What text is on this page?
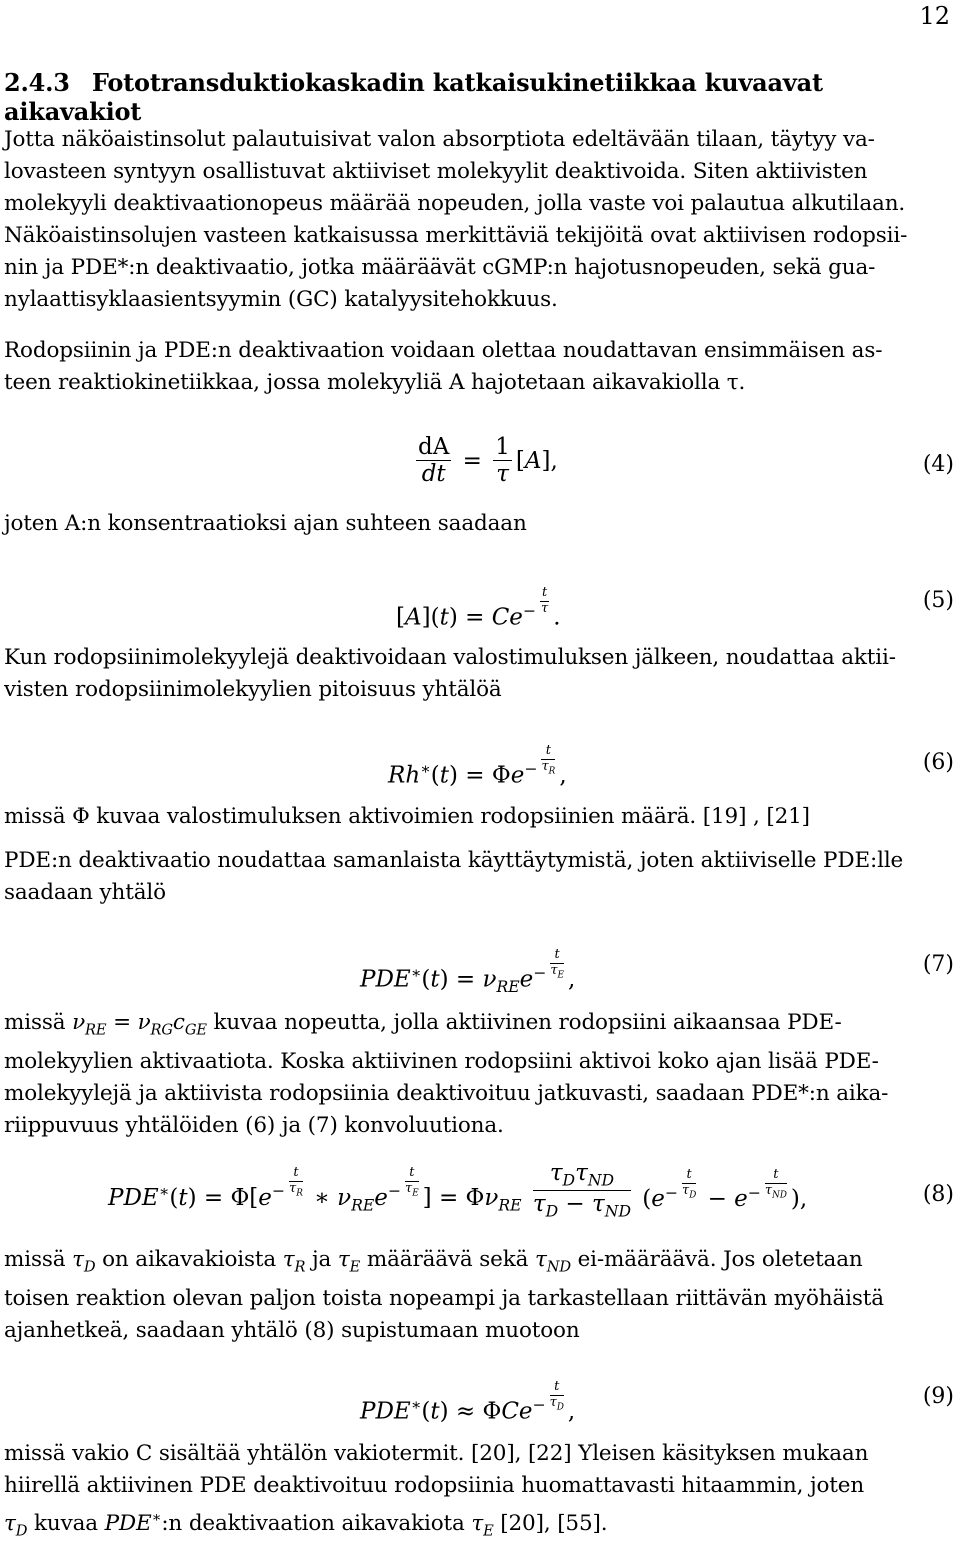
12
2.4.3 Fototransduktiokaskadin katkaisukinetiikkaa kuvaavat aikavakiot
Jotta näköaistinsolut palautuisivat valon absorptiota edeltävään tilaan, täytyy va-
lovasteen syntyyn osallistuvat aktiiviset molekyylit deaktivoida. Siten aktiivisten
molekyyli deaktivaationopeus määrää nopeuden, jolla vaste voi palautua alkutilaan.
Näköaistinsolujen vasteen katkaisussa merkittäviä tekijöitä ovat aktiivisen rodopsii-
nin ja PDE*:n deaktivaatio, jotka määräävät cGMP:n hajotusnopeuden, sekä gua-
nylaattisyklaasientsyymin (GC) katalyysitehokkuus.
Rodopsiinin ja PDE:n deaktivaation voidaan olettaa noudattavan ensimmäisen as-
teen reaktiokinetiikkaa, jossa molekyyliä A hajotetaan aikavakiolla τ.
$\frac{dA}{dt} = \frac{1}{\tau} [A]$,	(4)
joten A:n konsentraatioksi ajan suhteen saadaan
$[A](t) = Ce^{- \frac{t}{\tau}}$
.
(5)
Kun rodopsiinimolekyylejä deaktivoidaan valostimuluksen jälkeen, noudattaa aktii-
visten rodopsiinimolekyylien pitoisuus yhtälöä
$Rh^∗(t) = \Phi e^{- \frac{t}{\tau_R}}$ ,
(6)
missä Φ kuvaa valostimuluksen aktivoimien rodopsiinien määrä. [19] , [21]
PDE:n deaktivaatio noudattaa samanlaista käyttäytymistä, joten aktiiviselle PDE:lle
saadaan yhtälö
$PDE^∗(t) = \nu_{RE}e^{- \frac{t}{\tau_E}}$ ,
(7)
missä $\nu_{RE} = \nu_{RG}c_{GE}$ kuvaa nopeutta, jolla aktiivinen rodopsiini aikaansaa PDE-
molekyylien aktivaatiota. Koska aktiivinen rodopsiini aktivoi koko ajan lisää PDE-
molekyylejä ja aktiivista rodopsiinia deaktivoituu jatkuvasti, saadaan PDE*:n aika-
riippuvuus yhtälöiden (6) ja (7) konvoluutiona.
$PDE^∗(t) = \Phi[e^{- \frac{t}{\tau_R}}$ ∗ $\nu_{RE}e^{- \frac{t}{\tau_E}}$ ] = $\Phi\nu_{RE} \frac{\tau_D\tau_{ND}}{\tau_D - \tau_{ND}} (e^{- \frac{t}{\tau_D}} - e^{- \frac{t}{\tau_{ND}}}$ ),	(8)
missä $\tau_D$ on aikavakioista $\tau_R$ ja $\tau_E$ määräävä sekä $\tau_{ND}$ ei-määräävä. Jos oletetaan
toisen reaktion olevan paljon toista nopeampi ja tarkastellaan riittävän myöhäistä
ajanhetkeä, saadaan yhtälö (8) supistumaan muotoon
PDE∗(t) ≈ ΦCe$^{- \frac{t}{\tau_D}}$ ,
(9)
missä vakio C sisältää yhtälön vakiotermit. [20], [22] Yleisen käsityksen mukaan
hiirellä aktiivinen PDE deaktivoituu rodopsiinia huomattavasti hitaammin, joten
$\tau_D$ kuvaa PDE∗:n deaktivaation aikavakiota $\tau_E$ [20], [55].
